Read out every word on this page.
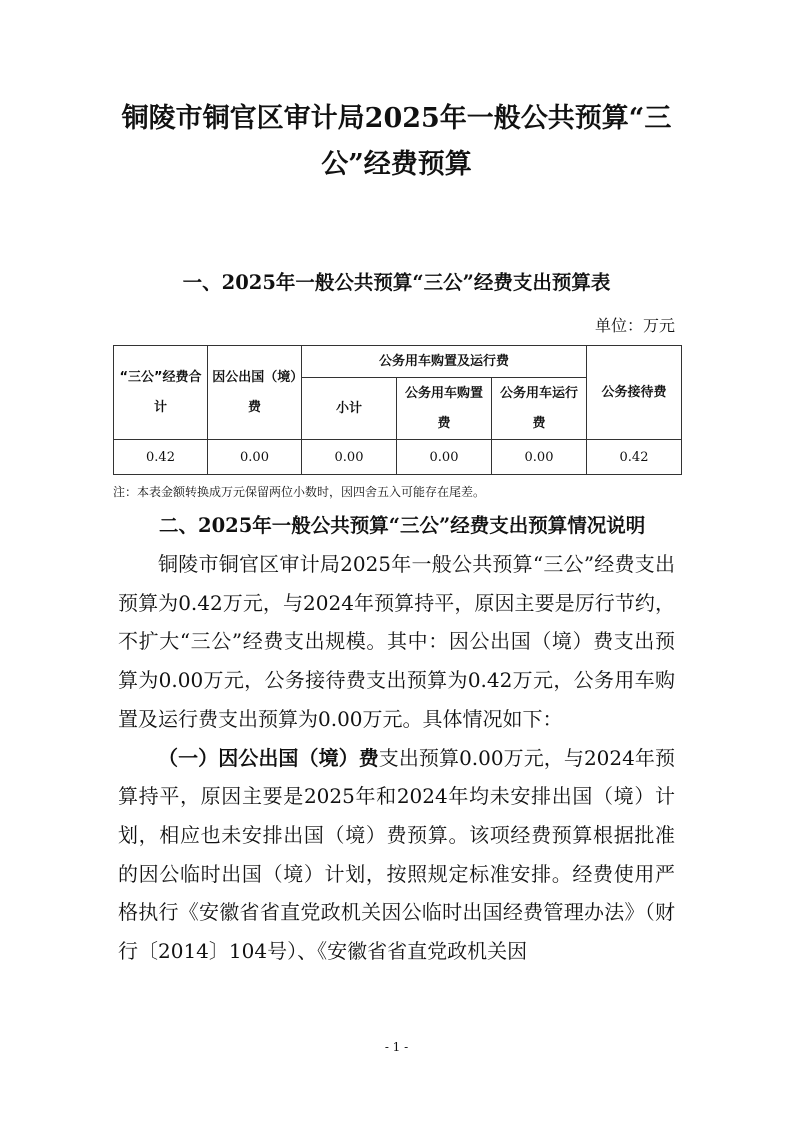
铜陵市铜官区审计局2025年一般公共预算“三公”经费预算
一、2025年一般公共预算“三公”经费支出预算表
单位：万元
“三公”经费合计	因公出国（境）费	公务用车购置及运行费			公务接待费
		小计	公务用车购置费	公务用车运行费	
0.42	0.00	0.00	0.00	0.00	0.42

注：本表金额转换成万元保留两位小数时，因四舍五入可能存在尾差。

二、2025年一般公共预算“三公”经费支出预算情况说明

铜陵市铜官区审计局2025年一般公共预算“三公”经费支出预算为0.42万元，与2024年预算持平，原因主要是厉行节约，不扩大“三公”经费支出规模。其中：因公出国（境）费支出预算为0.00万元，公务接待费支出预算为0.42万元，公务用车购置及运行费支出预算为0.00万元。具体情况如下：

（一）因公出国（境）费支出预算0.00万元，与2024年预算持平，原因主要是2025年和2024年均未安排出国（境）计划，相应也未安排出国（境）费预算。该项经费预算根据批准的因公临时出国（境）计划，按照规定标准安排。经费使用严格执行《安徽省省直党政机关因公临时出国经费管理办法》（财行〔2014〕104号）、《安徽省省直党政机关因

- 1 -
